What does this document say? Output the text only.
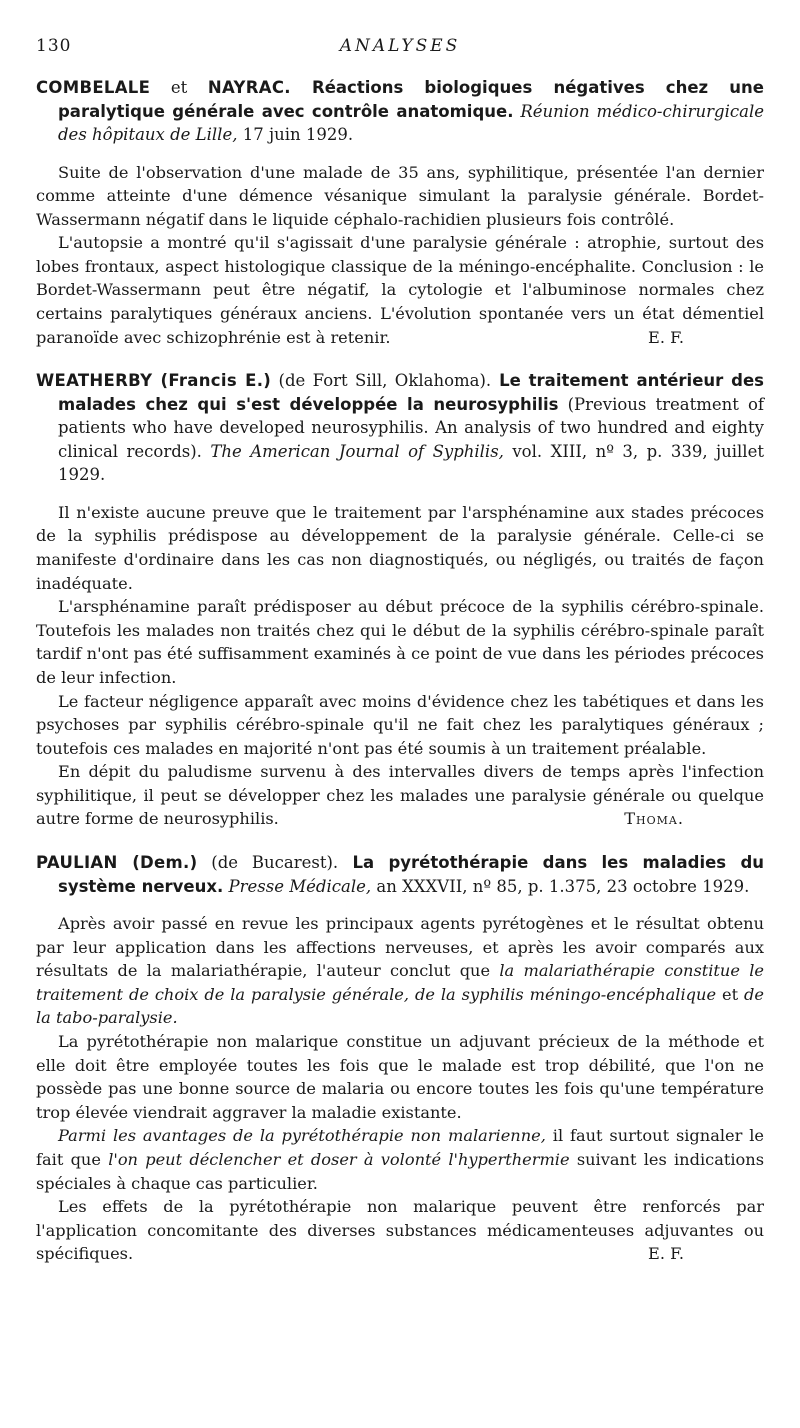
130	ANALYSES
COMBELALE et NAYRAC. Réactions biologiques négatives chez une paralytique générale avec contrôle anatomique. Réunion médico-chirurgicale des hôpitaux de Lille, 17 juin 1929.

Suite de l'observation d'une malade de 35 ans, syphilitique, présentée l'an dernier comme atteinte d'une démence vésanique simulant la paralysie générale. Bordet-Wassermann négatif dans le liquide céphalo-rachidien plusieurs fois contrôlé.

L'autopsie a montré qu'il s'agissait d'une paralysie générale : atrophie, surtout des lobes frontaux, aspect histologique classique de la méningo-encéphalite. Conclusion : le Bordet-Wassermann peut être négatif, la cytologie et l'albuminose normales chez certains paralytiques généraux anciens. L'évolution spontanée vers un état démentiel paranoïde avec schizophrénie est à retenir.	E. F.

WEATHERBY (Francis E.) (de Fort Sill, Oklahoma). Le traitement antérieur des malades chez qui s'est développée la neurosyphilis (Previous treatment of patients who have developed neurosyphilis. An analysis of two hundred and eighty clinical records). The American Journal of Syphilis, vol. XIII, nº 3, p. 339, juillet 1929.

Il n'existe aucune preuve que le traitement par l'arsphénamine aux stades précoces de la syphilis prédispose au développement de la paralysie générale. Celle-ci se manifeste d'ordinaire dans les cas non diagnostiqués, ou négligés, ou traités de façon inadéquate.

L'arsphénamine paraît prédisposer au début précoce de la syphilis cérébro-spinale. Toutefois les malades non traités chez qui le début de la syphilis cérébro-spinale paraît tardif n'ont pas été suffisamment examinés à ce point de vue dans les périodes précoces de leur infection.

Le facteur négligence apparaît avec moins d'évidence chez les tabétiques et dans les psychoses par syphilis cérébro-spinale qu'il ne fait chez les paralytiques généraux ; toutefois ces malades en majorité n'ont pas été soumis à un traitement préalable.

En dépit du paludisme survenu à des intervalles divers de temps après l'infection syphilitique, il peut se développer chez les malades une paralysie générale ou quelque autre forme de neurosyphilis.	Thoma.

PAULIAN (Dem.) (de Bucarest). La pyrétothérapie dans les maladies du système nerveux. Presse Médicale, an XXXVII, nº 85, p. 1.375, 23 octobre 1929.

Après avoir passé en revue les principaux agents pyrétogènes et le résultat obtenu par leur application dans les affections nerveuses, et après les avoir comparés aux résultats de la malariathérapie, l'auteur conclut que la malariathérapie constitue le traitement de choix de la paralysie générale, de la syphilis méningo-encéphalique et de la tabo-paralysie.

La pyrétothérapie non malarique constitue un adjuvant précieux de la méthode et elle doit être employée toutes les fois que le malade est trop débilité, que l'on ne possède pas une bonne source de malaria ou encore toutes les fois qu'une température trop élevée viendrait aggraver la maladie existante.

Parmi les avantages de la pyrétothérapie non malarienne, il faut surtout signaler le fait que l'on peut déclencher et doser à volonté l'hyperthermie suivant les indications spéciales à chaque cas particulier.

Les effets de la pyrétothérapie non malarique peuvent être renforcés par l'application concomitante des diverses substances médicamenteuses adjuvantes ou spécifiques.	E. F.
